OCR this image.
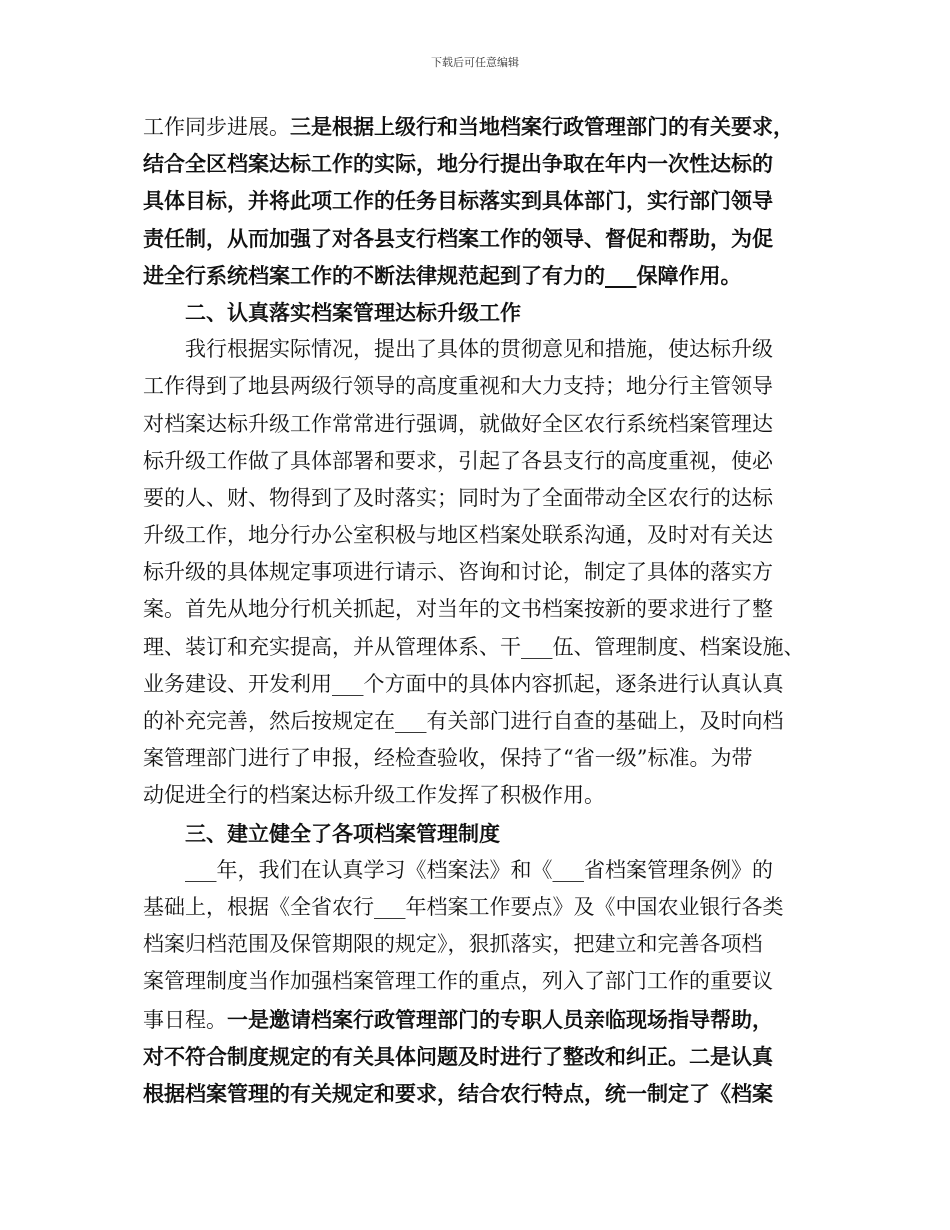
下载后可任意编辑
工作同步进展。三是根据上级行和当地档案行政管理部门的有关要求，
结合全区档案达标工作的实际，地分行提出争取在年内一次性达标的
具体目标，并将此项工作的任务目标落实到具体部门，实行部门领导
责任制，从而加强了对各县支行档案工作的领导、督促和帮助，为促
进全行系统档案工作的不断法律规范起到了有力的___保障作用。
二、认真落实档案管理达标升级工作
我行根据实际情况，提出了具体的贯彻意见和措施，使达标升级
工作得到了地县两级行领导的高度重视和大力支持；地分行主管领导
对档案达标升级工作常常进行强调，就做好全区农行系统档案管理达
标升级工作做了具体部署和要求，引起了各县支行的高度重视，使必
要的人、财、物得到了及时落实；同时为了全面带动全区农行的达标
升级工作，地分行办公室积极与地区档案处联系沟通，及时对有关达
标升级的具体规定事项进行请示、咨询和讨论，制定了具体的落实方
案。首先从地分行机关抓起，对当年的文书档案按新的要求进行了整
理、装订和充实提高，并从管理体系、干___伍、管理制度、档案设施、
业务建设、开发利用___个方面中的具体内容抓起，逐条进行认真认真
的补充完善，然后按规定在___有关部门进行自查的基础上，及时向档
案管理部门进行了申报，经检查验收，保持了“省一级”标准。为带
动促进全行的档案达标升级工作发挥了积极作用。
三、建立健全了各项档案管理制度
___年，我们在认真学习《档案法》和《___省档案管理条例》的
基础上，根据《全省农行___年档案工作要点》及《中国农业银行各类
档案归档范围及保管期限的规定》，狠抓落实，把建立和完善各项档
案管理制度当作加强档案管理工作的重点，列入了部门工作的重要议
事日程。一是邀请档案行政管理部门的专职人员亲临现场指导帮助，
对不符合制度规定的有关具体问题及时进行了整改和纠正。二是认真
根据档案管理的有关规定和要求，结合农行特点，统一制定了《档案
